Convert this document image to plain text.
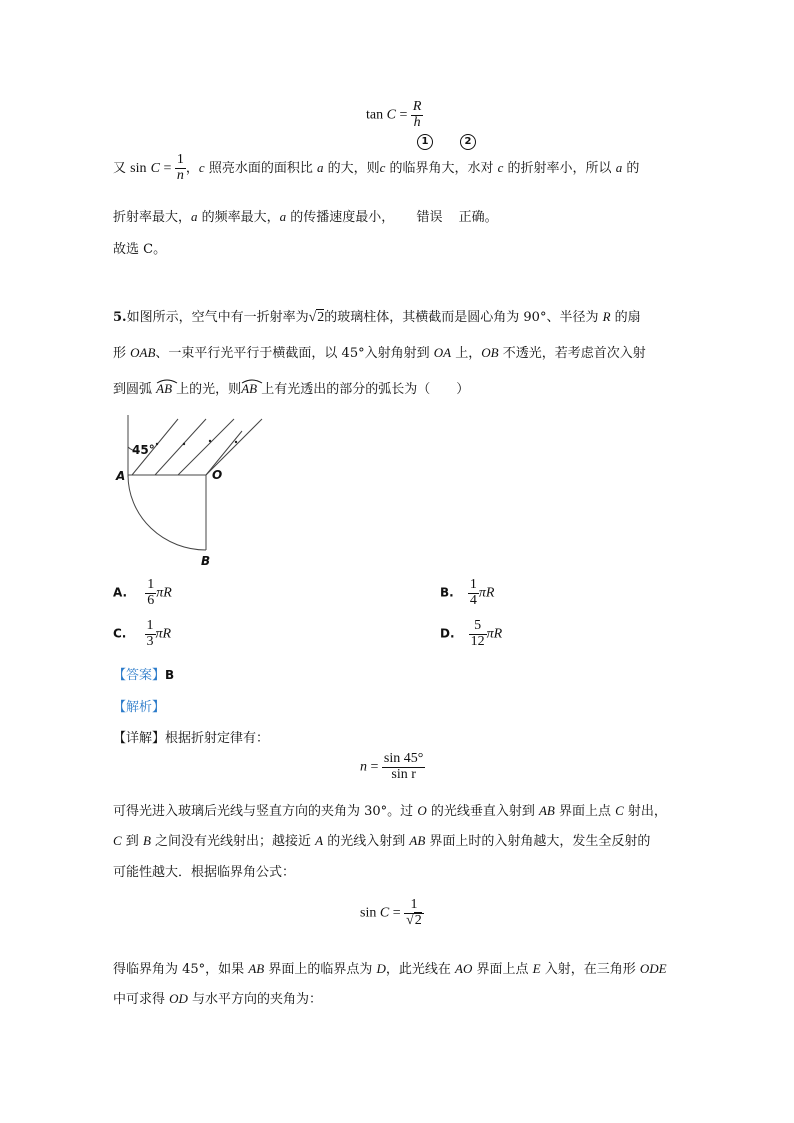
$\tan C = \frac{R}{h}$
1	2
又 $\sin C = \frac{1}{n}$ ，c 照亮水面的面积比 a 的大，则c 的临界角大，水对 c 的折射率小，所以 a 的
折射率最大，a 的频率最大，a 的传播速度最小， 错误 正确。
故选 C。
5.如图所示，空气中有一折射率为√2的玻璃柱体，其横截而是圆心角为 90°、半径为 R 的扇
形 OAB、一束平行光平行于横截面，以 45°入射角射到 OA 上，OB 不透光，若考虑首次入射
到圆弧 AB 上的光，则
AB 上有光透出的部分的弧长为（　　）
45°
A	O
B
A. $\frac{1}{6}$ πR	B. $\frac{1}{4}$ πR
C. $\frac{1}{3}$ πR	D. $\frac{5}{12}$ πR
【答案】B
【解析】
【详解】根据折射定律有：
$n = \frac{\sin 45^\circ}{\text{sin r}}$
可得光进入玻璃后光线与竖直方向的夹角为 30°。过 O 的光线垂直入射到 AB 界面上点 C 射出，
C 到 B 之间没有光线射出；越接近 A 的光线入射到 AB 界面上时的入射角越大，发生全反射的
可能性越大．根据临界角公式：
$\sin C = \frac{1}{√2}$
得临界角为 45°，如果 AB 界面上的临界点为 D，此光线在 AO 界面上点 E 入射，在三角形 ODE
中可求得 OD 与水平方向的夹角为：
